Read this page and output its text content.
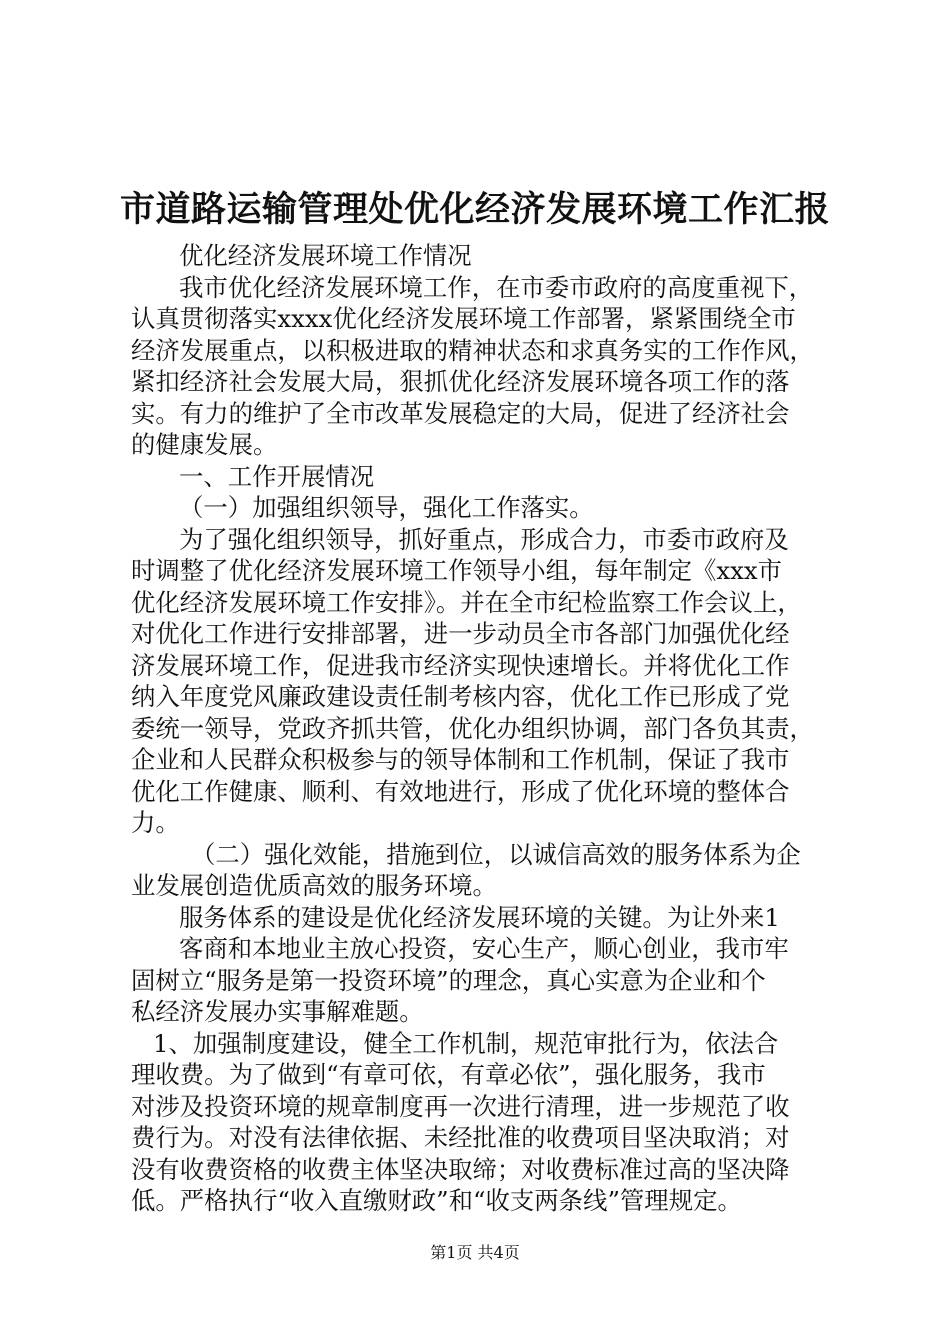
市道路运输管理处优化经济发展环境工作汇报
优化经济发展环境工作情况
我市优化经济发展环境工作，在市委市政府的高度重视下，
认真贯彻落实xxxx优化经济发展环境工作部署，紧紧围绕全市
经济发展重点，以积极进取的精神状态和求真务实的工作作风，
紧扣经济社会发展大局，狠抓优化经济发展环境各项工作的落
实。有力的维护了全市改革发展稳定的大局，促进了经济社会
的健康发展。
一、工作开展情况
（一）加强组织领导，强化工作落实。
为了强化组织领导，抓好重点，形成合力，市委市政府及
时调整了优化经济发展环境工作领导小组，每年制定《xxx市
优化经济发展环境工作安排》。并在全市纪检监察工作会议上，
对优化工作进行安排部署，进一步动员全市各部门加强优化经
济发展环境工作，促进我市经济实现快速增长。并将优化工作
纳入年度党风廉政建设责任制考核内容，优化工作已形成了党
委统一领导，党政齐抓共管，优化办组织协调，部门各负其责，
企业和人民群众积极参与的领导体制和工作机制，保证了我市
优化工作健康、顺利、有效地进行，形成了优化环境的整体合
力。
（二）强化效能，措施到位，以诚信高效的服务体系为企
业发展创造优质高效的服务环境。
服务体系的建设是优化经济发展环境的关键。为让外来1
客商和本地业主放心投资，安心生产，顺心创业，我市牢
固树立“服务是第一投资环境”的理念，真心实意为企业和个
私经济发展办实事解难题。
1、加强制度建设，健全工作机制，规范审批行为，依法合
理收费。为了做到“有章可依，有章必依”，强化服务，我市
对涉及投资环境的规章制度再一次进行清理，进一步规范了收
费行为。对没有法律依据、未经批准的收费项目坚决取消；对
没有收费资格的收费主体坚决取缔；对收费标准过高的坚决降
低。严格执行“收入直缴财政”和“收支两条线”管理规定。
第1页 共4页
